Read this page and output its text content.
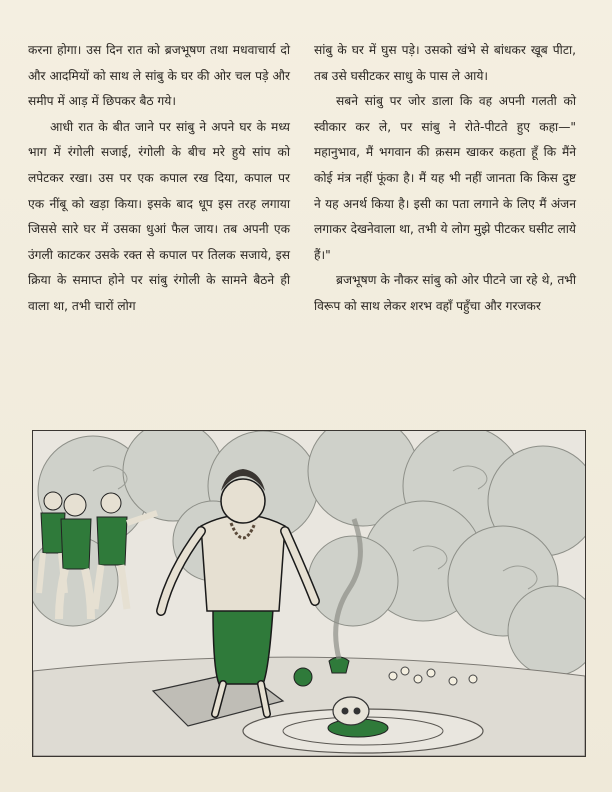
करना होगा। उस दिन रात को ब्रजभूषण तथा मधवाचार्य दो और आदमियों को साथ ले सांबु के घर की ओर चल पड़े और समीप में आड़ में छिपकर बैठ गये।

आधी रात के बीत जाने पर सांबु ने अपने घर के मध्य भाग में रंगोली सजाई, रंगोली के बीच मरे हुये सांप को लपेटकर रखा। उस पर एक कपाल रख दिया, कपाल पर एक नींबू को खड़ा किया। इसके बाद धूप इस तरह लगाया जिससे सारे घर में उसका धुआं फैल जाय। तब अपनी एक उंगली काटकर उसके रक्त से कपाल पर तिलक सजाये, इस क्रिया के समाप्त होने पर सांबु रंगोली के सामने बैठने ही वाला था, तभी चारों लोग

सांबु के घर में घुस पड़े। उसको खंभे से बांधकर खूब पीटा, तब उसे घसीटकर साधु के पास ले आये।

सबने सांबु पर जोर डाला कि वह अपनी गलती को स्वीकार कर ले, पर सांबु ने रोते-पीटते हुए कहा—" महानुभाव, मैं भगवान की क़सम खाकर कहता हूँ कि मैंने कोई मंत्र नहीं फूंका है। मैं यह भी नहीं जानता कि किस दुष्ट ने यह अनर्थ किया है। इसी का पता लगाने के लिए मैं अंजन लगाकर देखनेवाला था, तभी ये लोग मुझे पीटकर घसीट लाये हैं।"

ब्रजभूषण के नौकर सांबु को ओर पीटने जा रहे थे, तभी विरूप को साथ लेकर शरभ वहाँ पहुँचा और गरजकर
